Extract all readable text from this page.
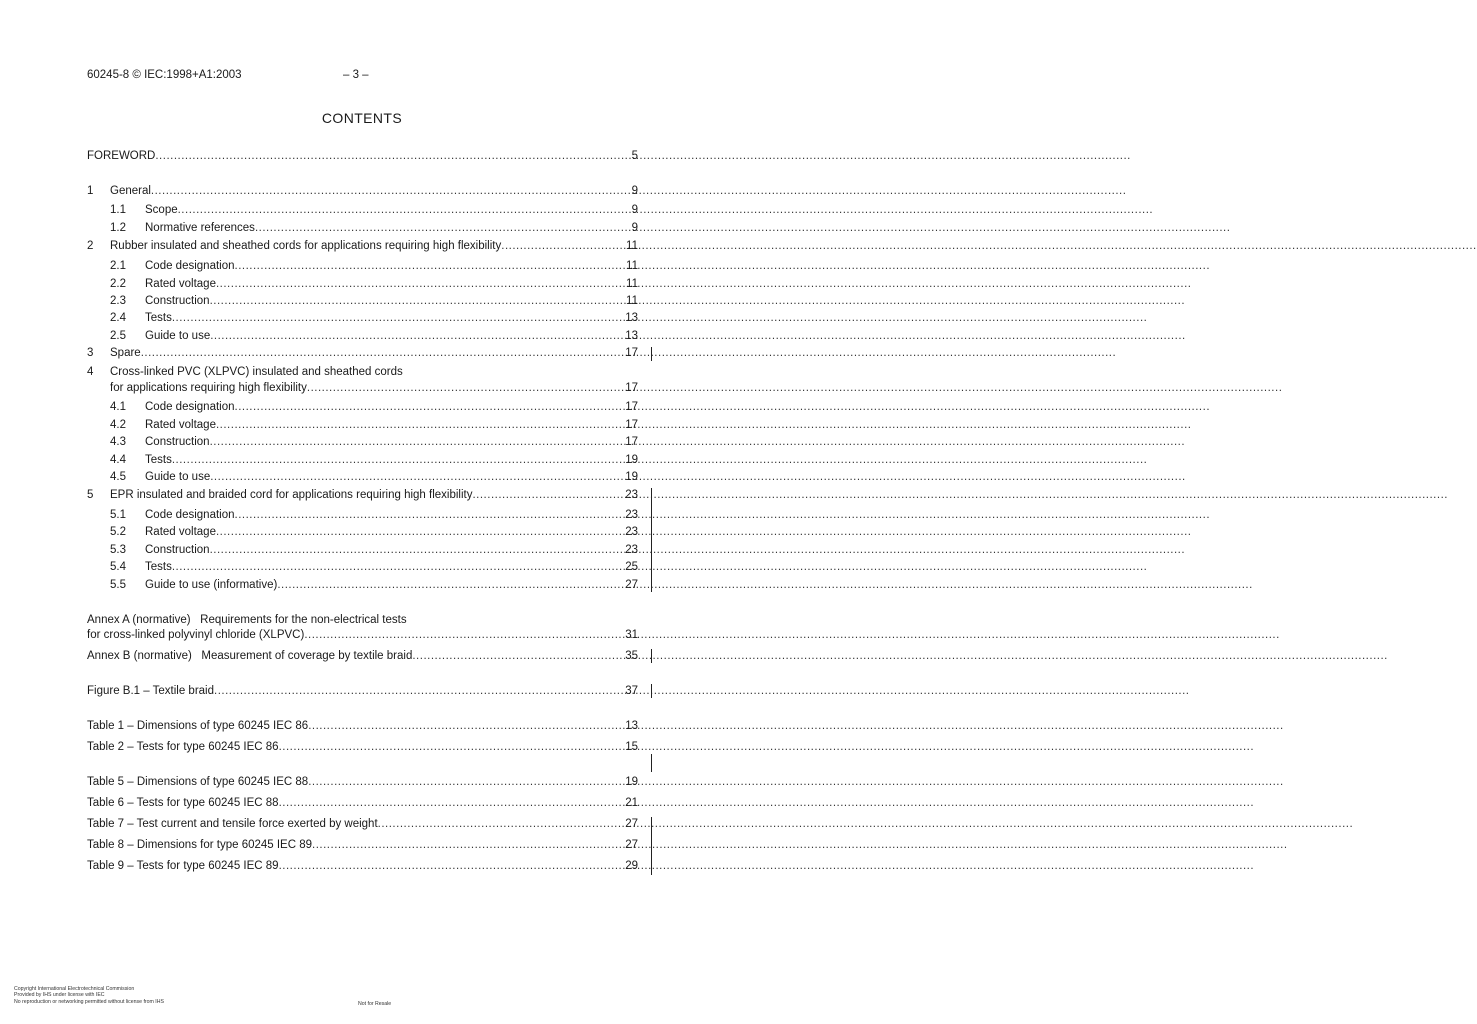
60245-8 © IEC:1998+A1:2003	– 3 –
CONTENTS
FOREWORD .....	5
1	General .....	9
1.1	Scope .....	9
1.2	Normative references .....	9
2	Rubber insulated and sheathed cords for applications requiring high flexibility .....	11
2.1	Code designation .....	11
2.2	Rated voltage .....	11
2.3	Construction .....	11
2.4	Tests .....	13
2.5	Guide to use .....	13
3	Spare .....	17
4	Cross-linked PVC (XLPVC) insulated and sheathed cords
for applications requiring high flexibility .....	17
4.1	Code designation .....	17
4.2	Rated voltage .....	17
4.3	Construction .....	17
4.4	Tests .....	19
4.5	Guide to use .....	19
5	EPR insulated and braided cord for applications requiring high flexibility .....	23
5.1	Code designation .....	23
5.2	Rated voltage .....	23
5.3	Construction .....	23
5.4	Tests .....	25
5.5	Guide to use (informative) .....	27
Annex A (normative)   Requirements for the non-electrical tests
for cross-linked polyvinyl chloride (XLPVC) .....	31
Annex B (normative)   Measurement of coverage by textile braid .....	35
Figure B.1 – Textile braid .....	37
Table 1 – Dimensions of type 60245 IEC 86 .....	13
Table 2 – Tests for type 60245 IEC 86 .....	15
Table 5 – Dimensions of type 60245 IEC 88 .....	19
Table 6 – Tests for type 60245 IEC 88 .....	21
Table 7 – Test current and tensile force exerted by weight .....	27
Table 8 – Dimensions for type 60245 IEC 89 .....	27
Table 9 – Tests for type 60245 IEC 89 .....	29
Copyright International Electrotechnical Commission
Provided by IHS under license with IEC
No reproduction or networking permitted without license from IHS	Not for Resale
